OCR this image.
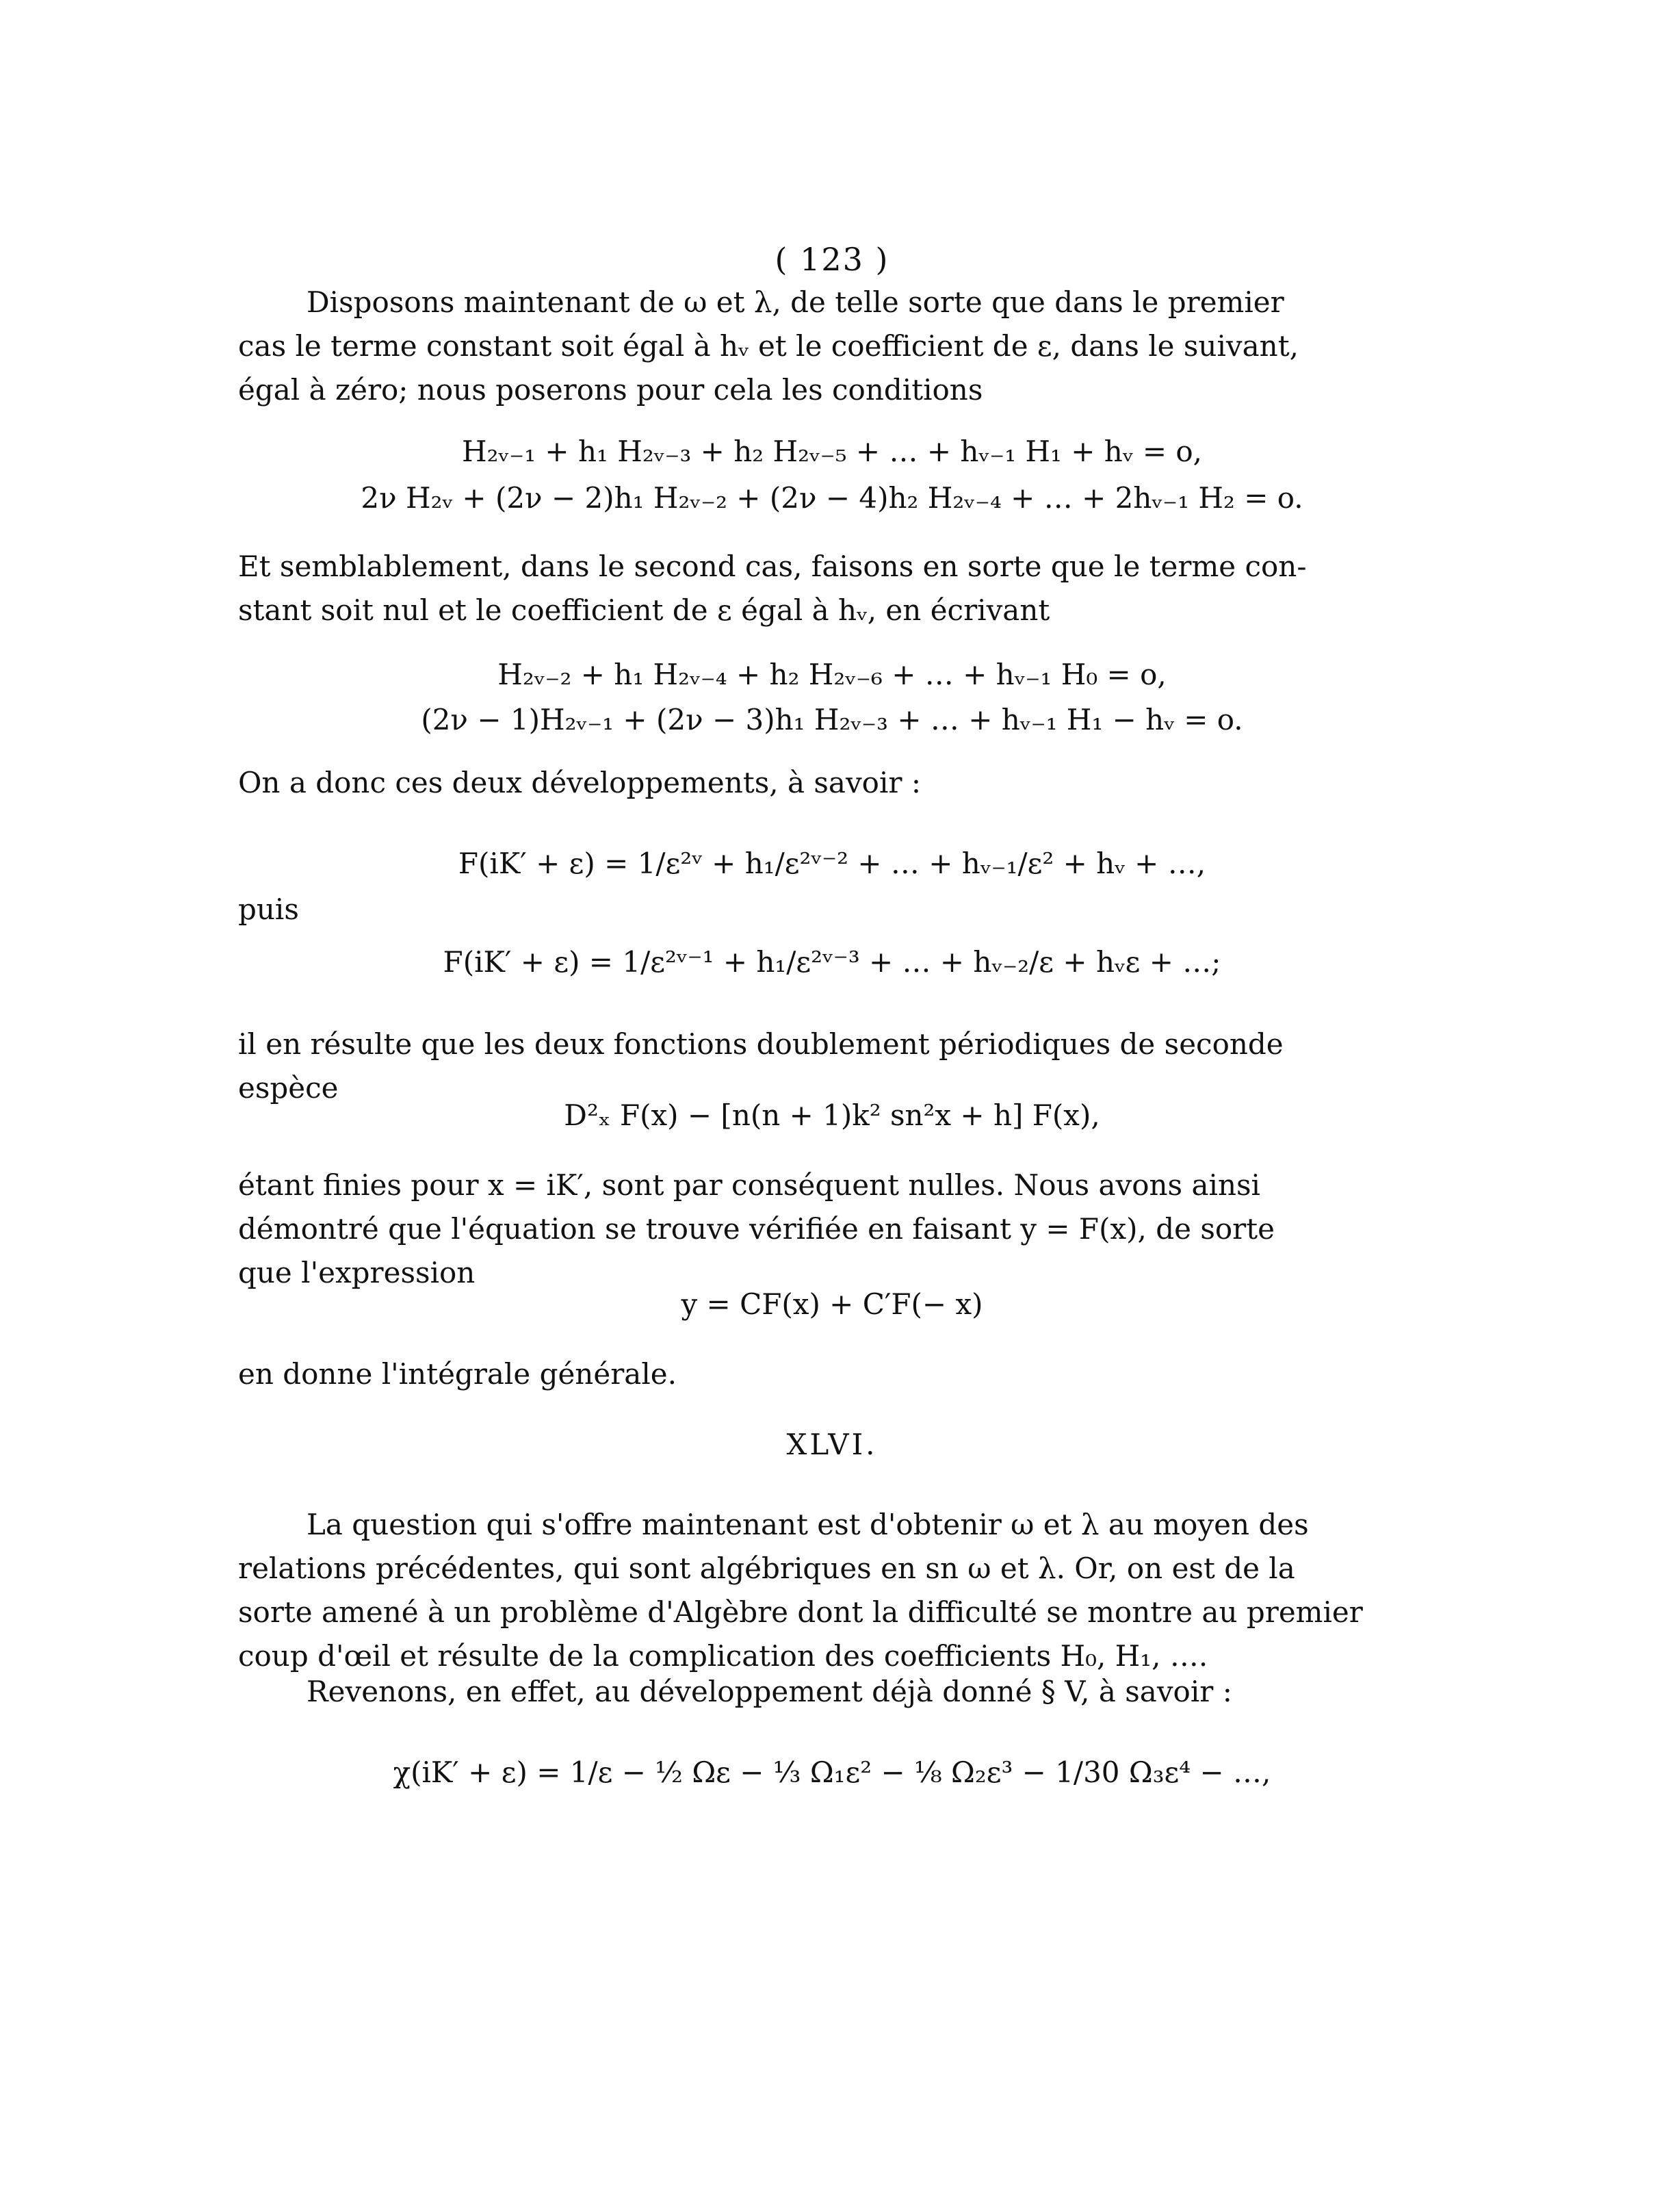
( 123 )
Disposons maintenant de ω et λ, de telle sorte que dans le premier
cas le terme constant soit égal à hᵥ et le coefficient de ε, dans le suivant,
égal à zéro; nous poserons pour cela les conditions
H₂ᵥ₋₁ + h₁ H₂ᵥ₋₃ + h₂ H₂ᵥ₋₅ + … + hᵥ₋₁ H₁ + hᵥ = o,
2ν H₂ᵥ + (2ν − 2)h₁ H₂ᵥ₋₂ + (2ν − 4)h₂ H₂ᵥ₋₄ + … + 2hᵥ₋₁ H₂ = o.
Et semblablement, dans le second cas, faisons en sorte que le terme con-
stant soit nul et le coefficient de ε égal à hᵥ, en écrivant
H₂ᵥ₋₂ + h₁ H₂ᵥ₋₄ + h₂ H₂ᵥ₋₆ + … + hᵥ₋₁ H₀ = o,
(2ν − 1)H₂ᵥ₋₁ + (2ν − 3)h₁ H₂ᵥ₋₃ + … + hᵥ₋₁ H₁ − hᵥ = o.
On a donc ces deux développements, à savoir :
F(iK′ + ε) = 1/ε²ᵛ + h₁/ε²ᵛ⁻² + … + hᵥ₋₁/ε² + hᵥ + …,
puis
F(iK′ + ε) = 1/ε²ᵛ⁻¹ + h₁/ε²ᵛ⁻³ + … + hᵥ₋₂/ε + hᵥε + …;
il en résulte que les deux fonctions doublement périodiques de seconde
espèce
D²ₓ F(x) − [n(n + 1)k² sn²x + h] F(x),
étant finies pour x = iK′, sont par conséquent nulles. Nous avons ainsi
démontré que l'équation se trouve vérifiée en faisant y = F(x), de sorte
que l'expression
y = CF(x) + C′F(− x)
en donne l'intégrale générale.
XLVI.
La question qui s'offre maintenant est d'obtenir ω et λ au moyen des
relations précédentes, qui sont algébriques en sn ω et λ. Or, on est de la
sorte amené à un problème d'Algèbre dont la difficulté se montre au premier
coup d'œil et résulte de la complication des coefficients H₀, H₁, ….
Revenons, en effet, au développement déjà donné § V, à savoir :
χ(iK′ + ε) = 1/ε − ½ Ωε − ⅓ Ω₁ε² − ⅛ Ω₂ε³ − 1/30 Ω₃ε⁴ − …,
